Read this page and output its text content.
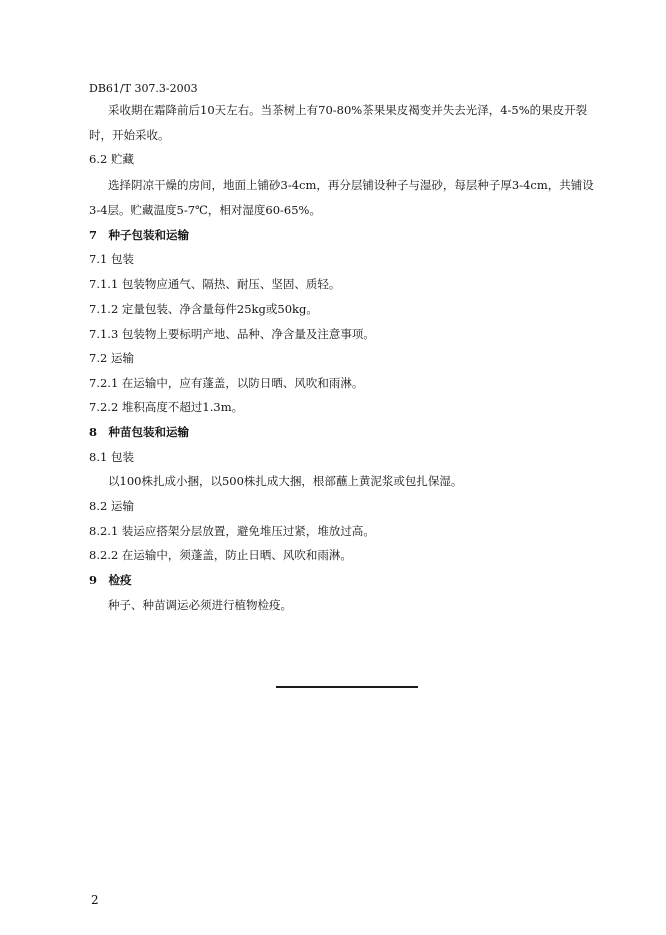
DB61/T 307.3-2003
采收期在霜降前后10天左右。当茶树上有70-80%茶果果皮褐变并失去光泽，4-5%的果皮开裂
时，开始采收。
6.2 贮藏
选择阴凉干燥的房间，地面上铺砂3-4cm，再分层铺设种子与湿砂，每层种子厚3-4cm，共铺设
3-4层。贮藏温度5-7℃，相对湿度60-65%。
7　种子包装和运输
7.1 包装
7.1.1 包装物应通气、隔热、耐压、坚固、质轻。
7.1.2 定量包装、净含量每件25kg或50kg。
7.1.3 包装物上要标明产地、品种、净含量及注意事项。
7.2 运输
7.2.1 在运输中，应有蓬盖，以防日晒、风吹和雨淋。
7.2.2 堆积高度不超过1.3m。
8　种苗包装和运输
8.1 包装
以100株扎成小捆，以500株扎成大捆，根部蘸上黄泥浆或包扎保湿。
8.2 运输
8.2.1 装运应搭架分层放置，避免堆压过紧，堆放过高。
8.2.2 在运输中，须蓬盖，防止日晒、风吹和雨淋。
9　检疫
种子、种苗调运必须进行植物检疫。
2
